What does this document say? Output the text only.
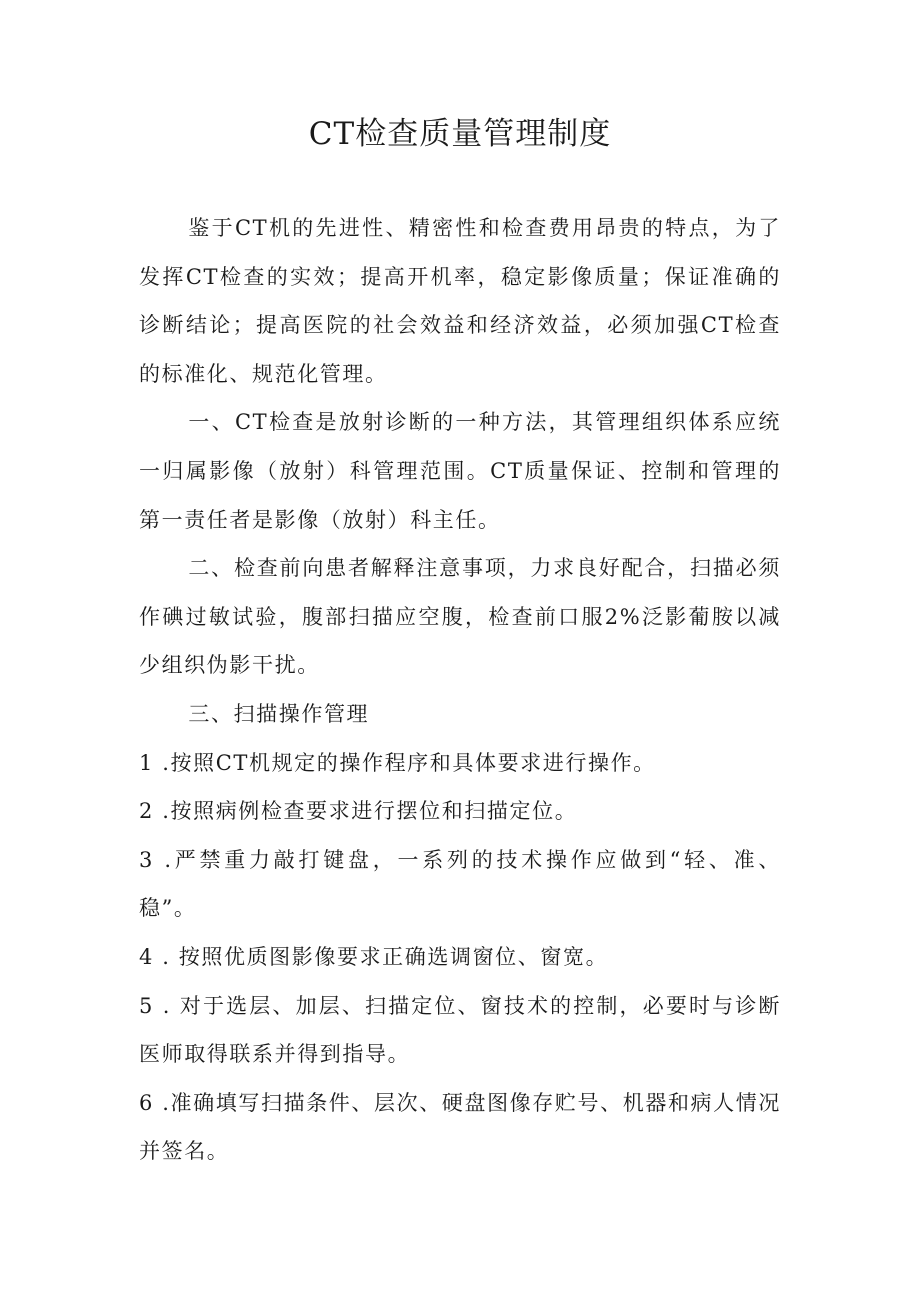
CT检查质量管理制度

鉴于CT机的先进性、精密性和检查费用昂贵的特点，为了发挥CT检查的实效；提高开机率，稳定影像质量；保证准确的诊断结论；提高医院的社会效益和经济效益，必须加强CT检查的标准化、规范化管理。

一、CT检查是放射诊断的一种方法，其管理组织体系应统一归属影像（放射）科管理范围。CT质量保证、控制和管理的第一责任者是影像（放射）科主任。

二、检查前向患者解释注意事项，力求良好配合，扫描必须作碘过敏试验，腹部扫描应空腹，检查前口服2%泛影葡胺以减少组织伪影干扰。

三、扫描操作管理

1 .按照CT机规定的操作程序和具体要求进行操作。

2 .按照病例检查要求进行摆位和扫描定位。

3 .严禁重力敲打键盘，一系列的技术操作应做到“轻、准、稳”。

4 . 按照优质图影像要求正确选调窗位、窗宽。

5 . 对于选层、加层、扫描定位、窗技术的控制，必要时与诊断医师取得联系并得到指导。

6 .准确填写扫描条件、层次、硬盘图像存贮号、机器和病人情况并签名。
